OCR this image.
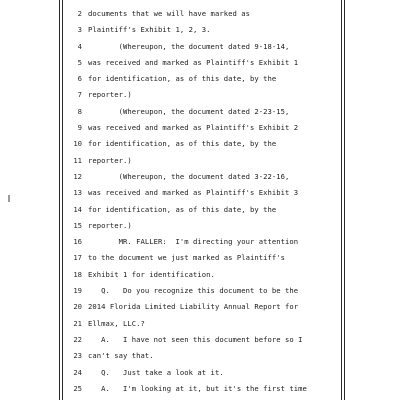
2 documents that we will have marked as
3 Plaintiff's Exhibit 1, 2, 3.
4 (Whereupon, the document dated 9-18-14,
5 was received and marked as Plaintiff's Exhibit 1
6 for identification, as of this date, by the
7 reporter.)
8 (Whereupon, the document dated 2-23-15,
9 was received and marked as Plaintiff's Exhibit 2
10 for identification, as of this date, by the
11 reporter.)
12 (Whereupon, the document dated 3-22-16,
13 was received and marked as Plaintiff's Exhibit 3
14 for identification, as of this date, by the
15 reporter.)
16 MR. FALLER:  I'm directing your attention
17 to the document we just marked as Plaintiff's
18 Exhibit 1 for identification.
19 Q.   Do you recognize this document to be the
20 2014 Florida Limited Liability Annual Report for
21 Ellmax, LLC.?
22 A.   I have not seen this document before so I
23 can't say that.
24 Q.   Just take a look at it.
25 A.   I'm looking at it, but it's the first time
